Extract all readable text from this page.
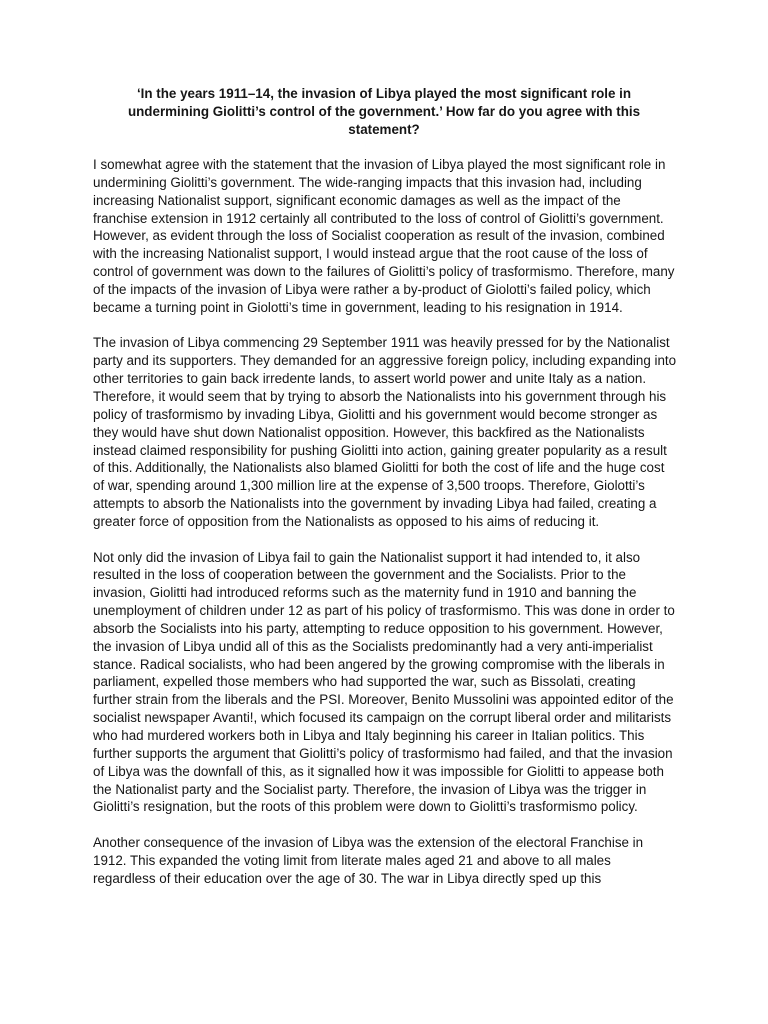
‘In the years 1911–14, the invasion of Libya played the most significant role in undermining Giolitti’s control of the government.’ How far do you agree with this statement?

I somewhat agree with the statement that the invasion of Libya played the most significant role in undermining Giolitti’s government. The wide-ranging impacts that this invasion had, including increasing Nationalist support, significant economic damages as well as the impact of the franchise extension in 1912 certainly all contributed to the loss of control of Giolitti’s government. However, as evident through the loss of Socialist cooperation as result of the invasion, combined with the increasing Nationalist support, I would instead argue that the root cause of the loss of control of government was down to the failures of Giolitti’s policy of trasformismo. Therefore, many of the impacts of the invasion of Libya were rather a by-product of Giolotti’s failed policy, which became a turning point in Giolotti’s time in government, leading to his resignation in 1914.

The invasion of Libya commencing 29 September 1911 was heavily pressed for by the Nationalist party and its supporters. They demanded for an aggressive foreign policy, including expanding into other territories to gain back irredente lands, to assert world power and unite Italy as a nation. Therefore, it would seem that by trying to absorb the Nationalists into his government through his policy of trasformismo by invading Libya, Giolitti and his government would become stronger as they would have shut down Nationalist opposition. However, this backfired as the Nationalists instead claimed responsibility for pushing Giolitti into action, gaining greater popularity as a result of this. Additionally, the Nationalists also blamed Giolitti for both the cost of life and the huge cost of war, spending around 1,300 million lire at the expense of 3,500 troops. Therefore, Giolotti’s attempts to absorb the Nationalists into the government by invading Libya had failed, creating a greater force of opposition from the Nationalists as opposed to his aims of reducing it.

Not only did the invasion of Libya fail to gain the Nationalist support it had intended to, it also resulted in the loss of cooperation between the government and the Socialists. Prior to the invasion, Giolitti had introduced reforms such as the maternity fund in 1910 and banning the unemployment of children under 12 as part of his policy of trasformismo. This was done in order to absorb the Socialists into his party, attempting to reduce opposition to his government. However, the invasion of Libya undid all of this as the Socialists predominantly had a very anti-imperialist stance. Radical socialists, who had been angered by the growing compromise with the liberals in parliament, expelled those members who had supported the war, such as Bissolati, creating further strain from the liberals and the PSI. Moreover, Benito Mussolini was appointed editor of the socialist newspaper Avanti!, which focused its campaign on the corrupt liberal order and militarists who had murdered workers both in Libya and Italy beginning his career in Italian politics. This further supports the argument that Giolitti’s policy of trasformismo had failed, and that the invasion of Libya was the downfall of this, as it signalled how it was impossible for Giolitti to appease both the Nationalist party and the Socialist party. Therefore, the invasion of Libya was the trigger in Giolitti’s resignation, but the roots of this problem were down to Giolitti’s trasformismo policy.

Another consequence of the invasion of Libya was the extension of the electoral Franchise in 1912. This expanded the voting limit from literate males aged 21 and above to all males regardless of their education over the age of 30. The war in Libya directly sped up this
